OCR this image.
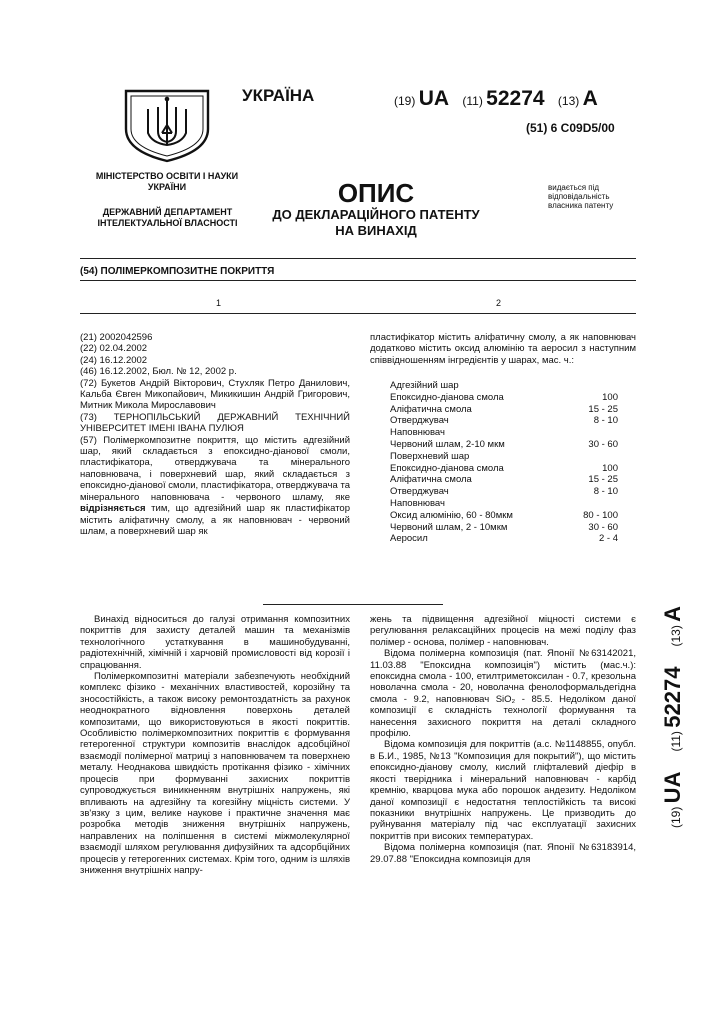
УКРАЇНА	(19) UA (11) 52274 (13) A
(51) 6 C09D5/00
МІНІСТЕРСТВО ОСВІТИ І НАУКИ УКРАЇНИ
ДЕРЖАВНИЙ ДЕПАРТАМЕНТ ІНТЕЛЕКТУАЛЬНОЇ ВЛАСНОСТІ
ОПИС
ДО ДЕКЛАРАЦІЙНОГО ПАТЕНТУ
НА ВИНАХІД
видається під відповідальність власника патенту
(54) ПОЛІМЕРКОМПОЗИТНЕ ПОКРИТТЯ
1	2
(21) 2002042596
(22) 02.04.2002
(24) 16.12.2002
(46) 16.12.2002, Бюл. № 12, 2002 р.
(72) Букетов Андрій Вікторович, Стухляк Петро Данилович, Кальба Євген Микопайович, Микикишин Андрій Григорович, Митник Микола Мирославович
(73) ТЕРНОПІЛЬСЬКИЙ ДЕРЖАВНИЙ ТЕХНІЧНИЙ УНІВЕРСИТЕТ ІМЕНІ ІВАНА ПУЛЮЯ
(57) Полімеркомпозитне покриття, що містить адгезійний шар, який складається з епоксидно-діанової смоли, пластифікатора, отверджувача та мінерального наповнювача, і поверхневий шар, який складається з епоксидно-діанової смоли, пластифікатора, отверджувача та мінерального наповнювача - червоного шламу, яке відрізняється тим, що адгезійний шар як пластифікатор містить аліфатичну смолу, а як наповнювач - червоний шлам, а поверхневий шар як
пластифікатор містить аліфатичну смолу, а як наповнювач додатково містить оксид алюмінію та аеросил з наступним співвідношенням інгредієнтів у шарах, мас. ч.:
Адгезійний шар
Епоксидно-діанова смола	100
Аліфатична смола	15 - 25
Отверджувач	8 - 10
Наповнювач
Червоний шлам, 2-10 мкм	30 - 60
Поверхневий шар
Епоксидно-діанова смола	100
Аліфатична смола	15 - 25
Отверджувач	8 - 10
Наповнювач
Оксид алюмінію, 60 - 80мкм	80 - 100
Червоний шлам, 2 - 10мкм	30 - 60
Аеросил	2 - 4

Винахід відноситься до галузі отримання композитних покриттів для захисту деталей машин та механізмів технологічного устаткування в машинобудуванні, радіотехнічній, хімічній і харчовій промисловості від корозії і спрацювання.

Полімеркомпозитні матеріали забезпечують необхідний комплекс фізико - механічних властивостей, корозійну та зносостійкість, а також високу ремонтоздатність за рахунок неоднократного відновлення поверхонь деталей композитами, що використовуються в якості покриттів. Особливістю полімеркомпозитних покриттів є формування гетерогенної структури композитів внаслідок адсобційної взаємодії полімерної матриці з наповнювачем та поверхнею металу. Неоднакова швидкість протікання фізико - хімічних процесів при формуванні захисних покриттів супроводжується виникненням внутрішніх напружень, які впливають на адгезійну та когезійну міцність системи. У зв'язку з цим, велике наукове і практичне значення має розробка методів зниження внутрішніх напружень, направлених на поліпшення в системі міжмолекулярної взаємодії шляхом регулювання дифузійних та адсорбційних процесів у гетерогенних системах. Крім того, одним із шляхів зниження внутрішніх напру-

жень та підвищення адгезійної міцності системи є регулювання релаксаційних процесів на межі поділу фаз полімер - основа, полімер - наповнювач.

Відома полімерна композиція (пат. Японії №63142021, 11.03.88 "Епоксидна композиція") містить (мас.ч.): епоксидна смола - 100, етилтриметоксилан - 0.7, крезольна новолачна смола - 20, новолачна фенолоформальдегідна смола - 9.2, наповнювач SiO₂ - 85.5. Недоліком даної композиції є складність технології формування та нанесення захисного покриття на деталі складного профілю.

Відома композиція для покриттів (а.с. №1148855, опубл. в Б.И., 1985, №13 "Композиция для покрытий"), що містить епоксидно-діанову смолу, кислий гліфталевий діефір в якості тверідника і мінеральний наповнювач - карбід кремнію, кварцова мука або порошок андезиту. Недоліком даної композиції є недостатня теплостійкість та високі показники внутрішніх напружень. Це призводить до руйнування матеріалу під час експлуатації захисних покриттів при високих температурах.

Відома полімерна композиція (пат. Японії №63183914, 29.07.88 "Епоксидна композиція для

(19) UA      (11) 52274      (13) A
